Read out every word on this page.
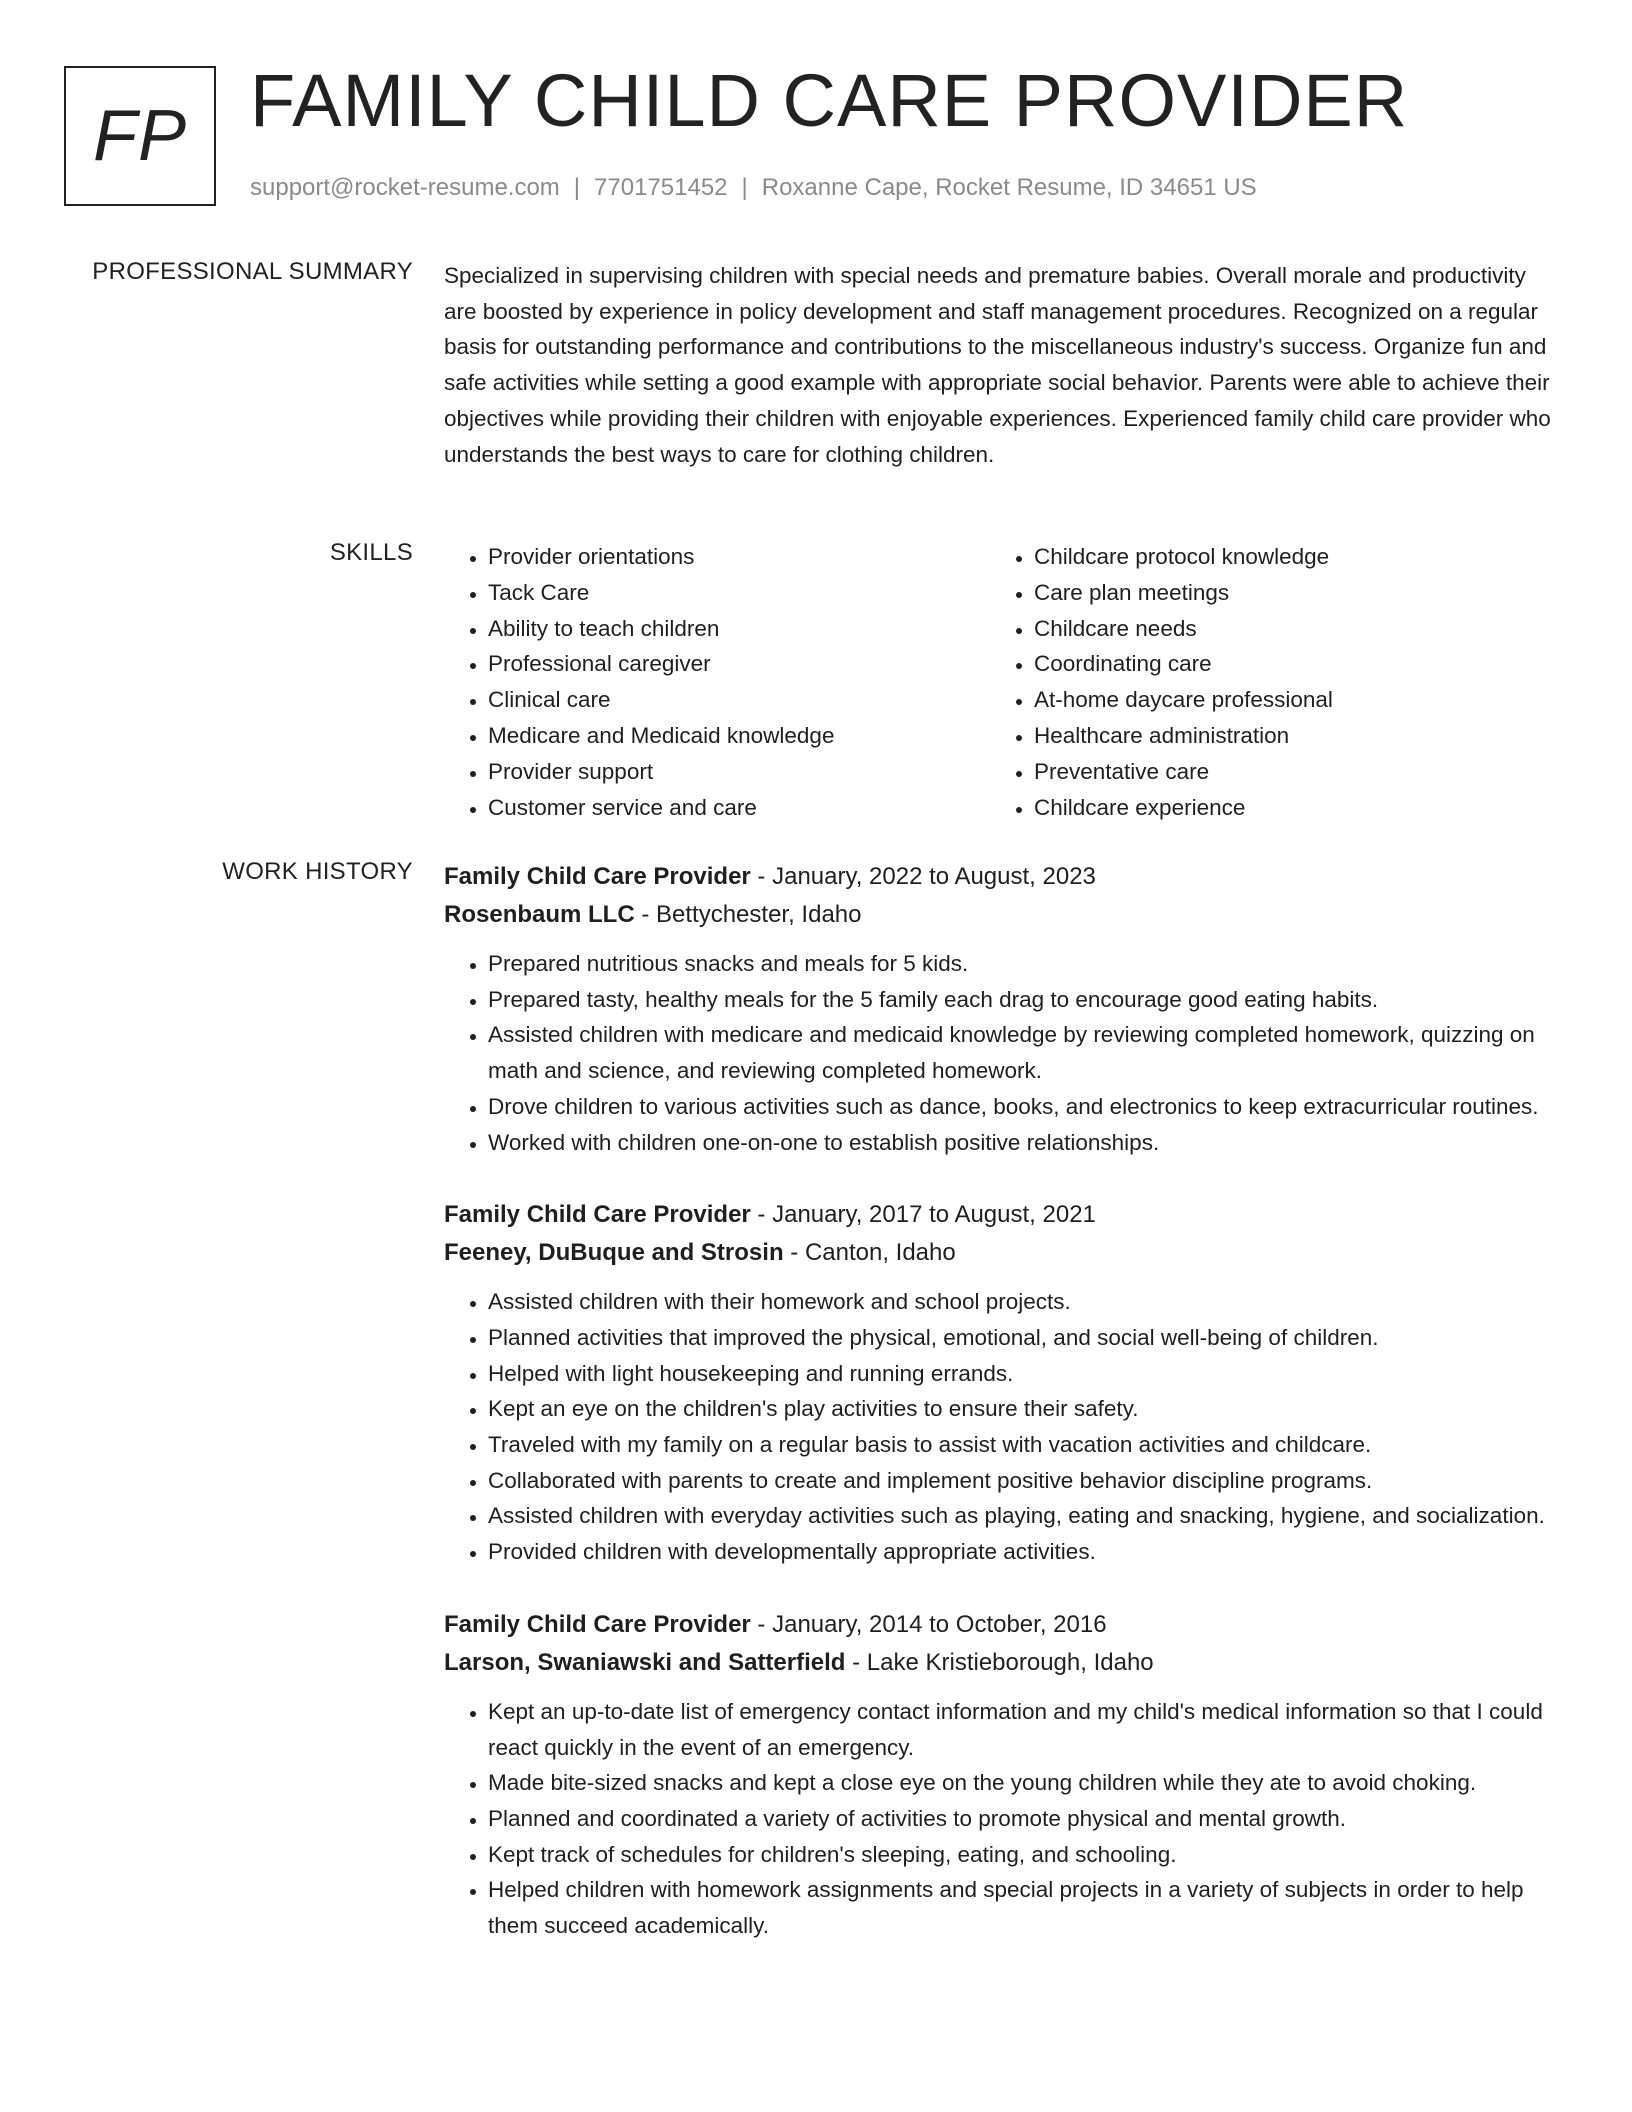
FP FAMILY CHILD CARE PROVIDER
support@rocket-resume.com | 7701751452 | Roxanne Cape, Rocket Resume, ID 34651 US
PROFESSIONAL SUMMARY Specialized in supervising children with special needs and premature babies. Overall morale and productivity are boosted by experience in policy development and staff management procedures. Recognized on a regular basis for outstanding performance and contributions to the miscellaneous industry's success. Organize fun and safe activities while setting a good example with appropriate social behavior. Parents were able to achieve their objectives while providing their children with enjoyable experiences. Experienced family child care provider who understands the best ways to care for clothing children.

SKILLS
•	Provider orientations
• Tack Care
• Ability to teach children
• Professional caregiver
• Clinical care
• Medicare and Medicaid knowledge
• Provider support
• Customer service and care
• Childcare protocol knowledge
• Care plan meetings
• Childcare needs
• Coordinating care
• At-home daycare professional
• Healthcare administration
• Preventative care
• Childcare experience
WORK HISTORY Family Child Care Provider - January, 2022 to August, 2023
Rosenbaum LLC - Bettychester, Idaho
• Prepared nutritious snacks and meals for 5 kids.
• Prepared tasty, healthy meals for the 5 family each drag to encourage good eating habits.
• Assisted children with medicare and medicaid knowledge by reviewing completed homework, quizzing on math and science, and reviewing completed homework.
• Drove children to various activities such as dance, books, and electronics to keep extracurricular routines.
• Worked with children one-on-one to establish positive relationships.
Family Child Care Provider - January, 2017 to August, 2021
Feeney, DuBuque and Strosin - Canton, Idaho
• Assisted children with their homework and school projects.
• Planned activities that improved the physical, emotional, and social well-being of children.
• Helped with light housekeeping and running errands.
• Kept an eye on the children's play activities to ensure their safety.
• Traveled with my family on a regular basis to assist with vacation activities and childcare.
• Collaborated with parents to create and implement positive behavior discipline programs.
• Assisted children with everyday activities such as playing, eating and snacking, hygiene, and socialization.
• Provided children with developmentally appropriate activities.
Family Child Care Provider - January, 2014 to October, 2016
Larson, Swaniawski and Satterfield - Lake Kristieborough, Idaho
• Kept an up-to-date list of emergency contact information and my child's medical information so that I could react quickly in the event of an emergency.
• Made bite-sized snacks and kept a close eye on the young children while they ate to avoid choking.
• Planned and coordinated a variety of activities to promote physical and mental growth.
• Kept track of schedules for children's sleeping, eating, and schooling.
• Helped children with homework assignments and special projects in a variety of subjects in order to help them succeed academically.
